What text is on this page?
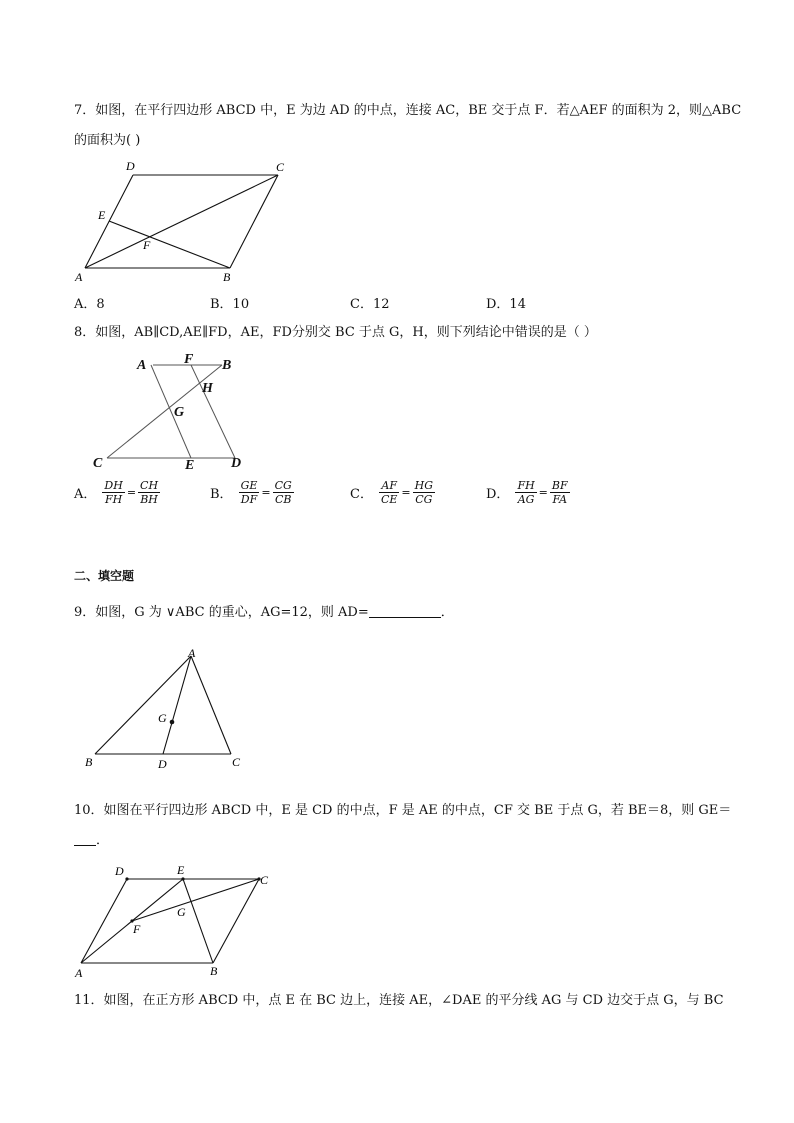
7．如图，在平行四边形 ABCD 中，E 为边 AD 的中点，连接 AC，BE 交于点 F．若△AEF 的面积为 2，则△ABC
的面积为( )
D	C
E
F
A	B
A．8	B．10	C．12	D．14
8．如图，AB∥CD,AE∥FD，AE，FD分别交 BC 于点 G，H，则下列结论中错误的是（ ）
A	F B
H
G
C	E	D
A． $\frac{DH}{FH} = \frac{CH}{BH}$	B． $\frac{GE}{DF} = \frac{CG}{CB}$	C． $\frac{AF}{CE} = \frac{HG}{CG}$	D． $\frac{FH}{AG} = \frac{BF}{FA}$
二、填空题
9．如图，G 为 ∨ABC 的重心，AG=12，则 AD=	．
A
G
B	D	C
10．如图在平行四边形 ABCD 中，E 是 CD 的中点，F 是 AE 的中点，CF 交 BE 于点 G，若 BE＝8，则 GE＝
．
D	E
C
G
F
A	B
11．如图，在正方形 ABCD 中，点 E 在 BC 边上，连接 AE，∠DAE 的平分线 AG 与 CD 边交于点 G，与 BC
